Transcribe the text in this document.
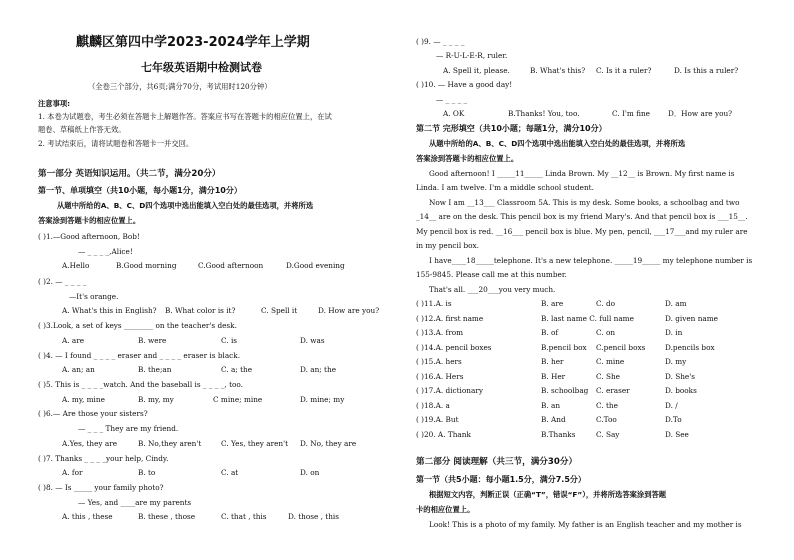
麒麟区第四中学2023-2024学年上学期
七年级英语期中检测试卷
（全卷三个部分，共6页;满分70分，考试用时120分钟）
注意事项:
1. 本卷为试题卷，考生必须在答题卡上解题作答。答案应书写在答题卡的相应位置上，在试
题卷、草稿纸上作答无效。
2. 考试结束后，请将试题卷和答题卡一并交回。
第一部分 英语知识运用。（共二节，满分20分）
第一节、单项填空（共10小题，每小题1分，满分10分）
从题中所给的A、B、C、D四个选项中选出能填入空白处的最佳选项，并将所选
答案涂到答题卡的相应位置上。
( )1.—Good afternoon, Bob!
— _ _ _ _,Alice!
A.Hello	B.Good morning	C.Good afternoon	D.Good evening
( )2. — _ _ _ _
—It's orange.
A. What's this in English? B. What color is it?	C. Spell it	D. How are you?
( )3.Look, a set of keys ________ on the teacher's desk.
A. are	B. were	C. is	D. was
( )4. — I found _ _ _ _ eraser and _ _ _ _ eraser is black.
A. an; an	B. the;an	C. a; the	D. an; the
( )5. This is _ _ _ _watch. And the baseball is _ _ _ _, too.
A. my, mine	B. my, my	C mine; mine	D. mine; my
( )6.— Are those your sisters?
— _ _ _ They are my friend.
A.Yes, they are	B. No,they aren't	C. Yes, they aren't D. No, they are
( )7. Thanks _ _ _ _your help, Cindy.
A. for	B. to	C. at	D. on
( )8. — Is _____ your family photo?
— Yes, and ____are my parents
A. this , these	B. these , those	C. that , this	D. those , this
( )9. — _ _ _ _
— R-U-L-E-R, ruler.
A. Spell it, please.	B. What's this? C. Is it a ruler?	D. Is this a ruler?
( )10. — Have a good day!
— _ _ _ _
A. OK	B.Thanks! You, too.	C. I'm fine D．How are you?
第二节 完形填空（共10小题；每题1分，满分10分）
从题中所给的A、B、C、D四个选项中选出能填入空白处的最佳选项，并将所选
答案涂到答题卡的相应位置上。
Good afternoon! I _____11_____ Linda Brown. My __12__ is Brown. My first name is
Linda. I am twelve. I'm a middle school student.
Now I am __13___ Classroom 5A. This is my desk. Some books, a schoolbag and two
_14__ are on the desk. This pencil box is my friend Mary's. And that pencil box is ___15__.
My pencil box is red. __16___ pencil box is blue. My pen, pencil, ___17___and my ruler are
in my pencil box.
I have____18_____telephone. It's a new telephone. _____19_____ my telephone number is
155-9845. Please call me at this number.
That's all. ___20___you very much.
( )11.A. is	B. are	C. do	D. am
( )12.A. first name	B. last name C. full name	D. given name
( )13.A. from	B. of	C. on	D. in
( )14.A. pencil boxes	B.pencil box C.pencil boxs	D.pencils box
( )15.A. hers	B. her	C. mine	D. my
( )16.A. Hers	B. Her	C. She	D. She's
( )17.A. dictionary	B. schoolbag C. eraser	D. books
( )18.A. a	B. an	C. the	D. /
( )19.A. But	B. And	C.Too	D.To
( )20. A. Thank	B.Thanks	C. Say	D. See
第二部分 阅读理解（共三节，满分30分）
第一节（共5小题：每小题1.5分，满分7.5分）
根据短文内容，判断正误（正确“T”，错误“F”），并将所选答案涂到答题
卡的相应位置上。
Look! This is a photo of my family. My father is an English teacher and my mother is
